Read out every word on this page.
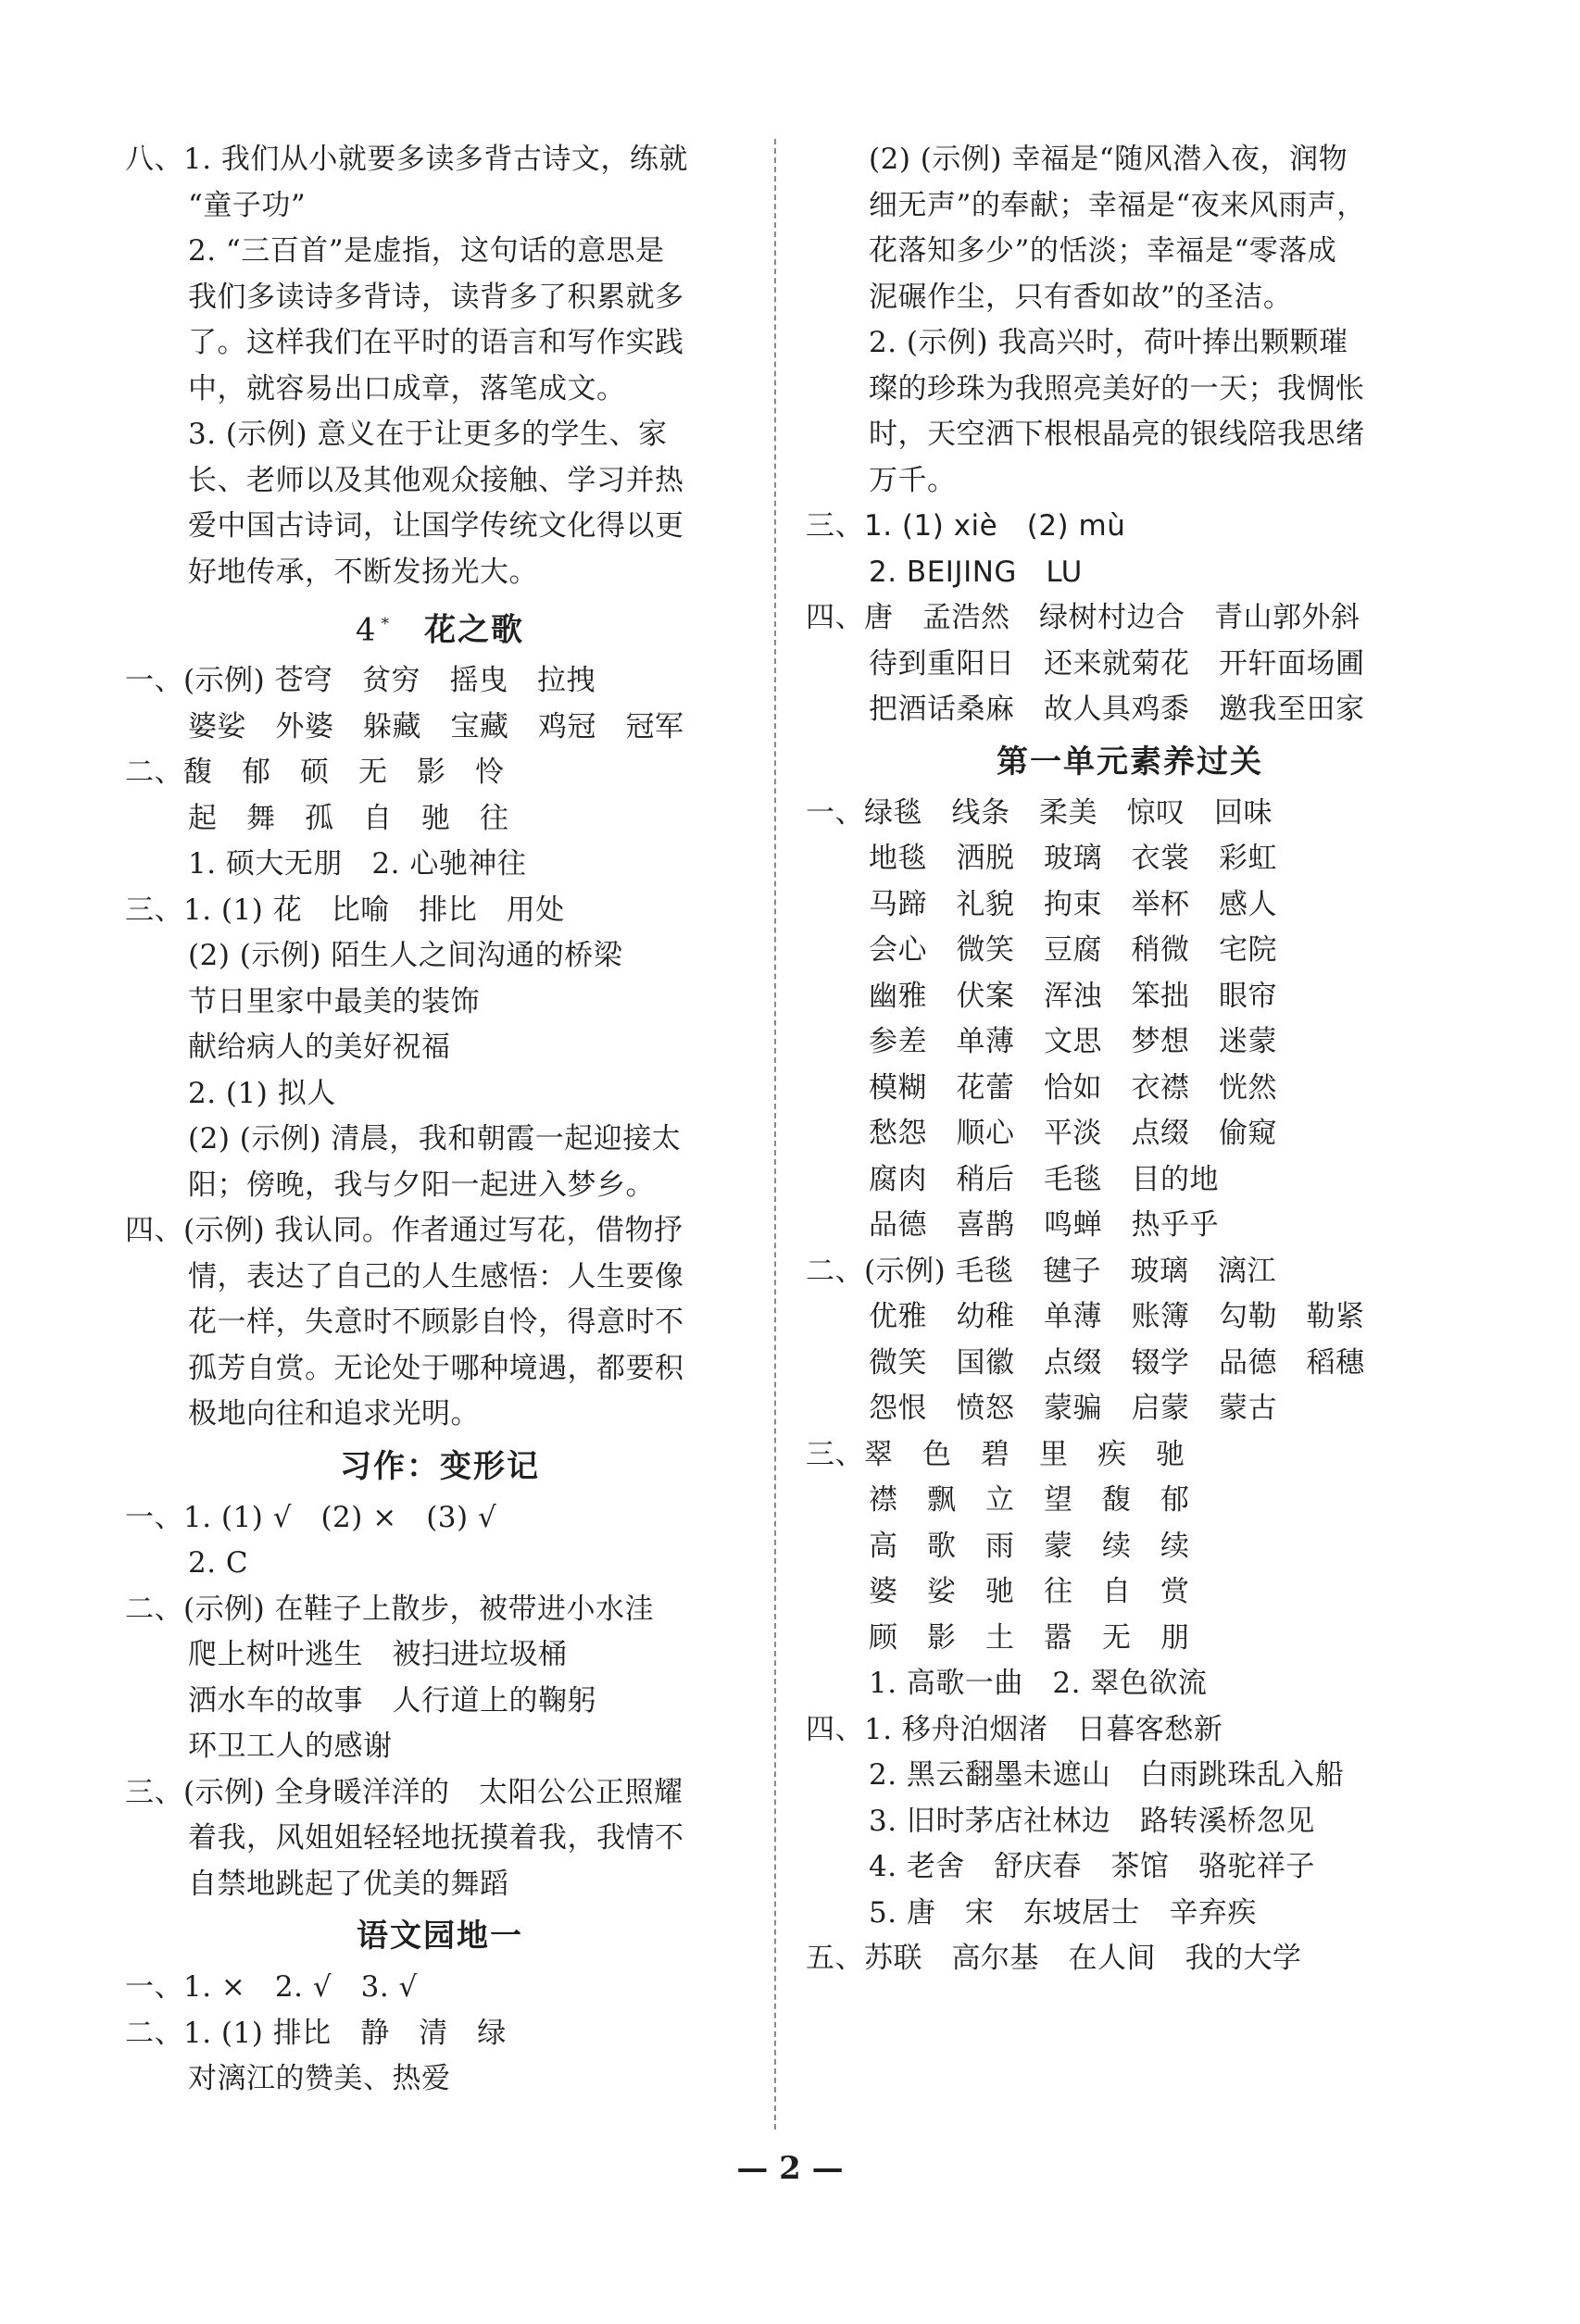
八、1. 我们从小就要多读多背古诗文，练就
“童子功”
2. “三百首”是虚指，这句话的意思是
我们多读诗多背诗，读背多了积累就多
了。这样我们在平时的语言和写作实践
中，就容易出口成章，落笔成文。
3. (示例) 意义在于让更多的学生、家
长、老师以及其他观众接触、学习并热
爱中国古诗词，让国学传统文化得以更
好地传承，不断发扬光大。
4 * 花之歌
一、(示例) 苍穹　贫穷　摇曳　拉拽
婆娑　外婆　躲藏　宝藏　鸡冠　冠军
二、馥　郁　硕　无　影　怜
起　舞　孤　自　驰　往
1. 硕大无朋　2. 心驰神往
三、1. (1) 花　比喻　排比　用处
(2) (示例) 陌生人之间沟通的桥梁
节日里家中最美的装饰
献给病人的美好祝福
2. (1) 拟人
(2) (示例) 清晨，我和朝霞一起迎接太
阳；傍晚，我与夕阳一起进入梦乡。
四、(示例) 我认同。作者通过写花，借物抒
情，表达了自己的人生感悟：人生要像
花一样，失意时不顾影自怜，得意时不
孤芳自赏。无论处于哪种境遇，都要积
极地向往和追求光明。
习作：变形记
一、1. (1) √　(2) ×　(3) √
2. C
二、(示例) 在鞋子上散步，被带进小水洼
爬上树叶逃生　被扫进垃圾桶
洒水车的故事　人行道上的鞠躬
环卫工人的感谢
三、(示例) 全身暖洋洋的　太阳公公正照耀
着我，风姐姐轻轻地抚摸着我，我情不
自禁地跳起了优美的舞蹈
语文园地一
一、1. ×　2. √　3. √
二、1. (1) 排比　静　清　绿
对漓江的赞美、热爱
(2) (示例) 幸福是“随风潜入夜，润物
细无声”的奉献；幸福是“夜来风雨声，
花落知多少”的恬淡；幸福是“零落成
泥碾作尘，只有香如故”的圣洁。
2. (示例) 我高兴时，荷叶捧出颗颗璀
璨的珍珠为我照亮美好的一天；我惆怅
时，天空洒下根根晶亮的银线陪我思绪
万千。
三、1. (1) xiè　(2) mù
2. BEIJING　LU
四、唐　孟浩然　绿树村边合　青山郭外斜
待到重阳日　还来就菊花　开轩面场圃
把酒话桑麻　故人具鸡黍　邀我至田家
第一单元素养过关
一、绿毯　线条　柔美　惊叹　回味
地毯　洒脱　玻璃　衣裳　彩虹
马蹄　礼貌　拘束　举杯　感人
会心　微笑　豆腐　稍微　宅院
幽雅　伏案　浑浊　笨拙　眼帘
参差　单薄　文思　梦想　迷蒙
模糊　花蕾　恰如　衣襟　恍然
愁怨　顺心　平淡　点缀　偷窥
腐肉　稍后　毛毯　目的地
品德　喜鹊　鸣蝉　热乎乎
二、(示例) 毛毯　毽子　玻璃　漓江
优雅　幼稚　单薄　账簿　勾勒　勒紧
微笑　国徽　点缀　辍学　品德　稻穗
怨恨　愤怒　蒙骗　启蒙　蒙古
三、翠　色　碧　里　疾　驰
襟　飘　立　望　馥　郁
高　歌　雨　蒙　续　续
婆　娑　驰　往　自　赏
顾　影　土　嚣　无　朋
1. 高歌一曲　2. 翠色欲流
四、1. 移舟泊烟渚　日暮客愁新
2. 黑云翻墨未遮山　白雨跳珠乱入船
3. 旧时茅店社林边　路转溪桥忽见
4. 老舍　舒庆春　茶馆　骆驼祥子
5. 唐　宋　东坡居士　辛弃疾
五、苏联　高尔基　在人间　我的大学
— 2 —
